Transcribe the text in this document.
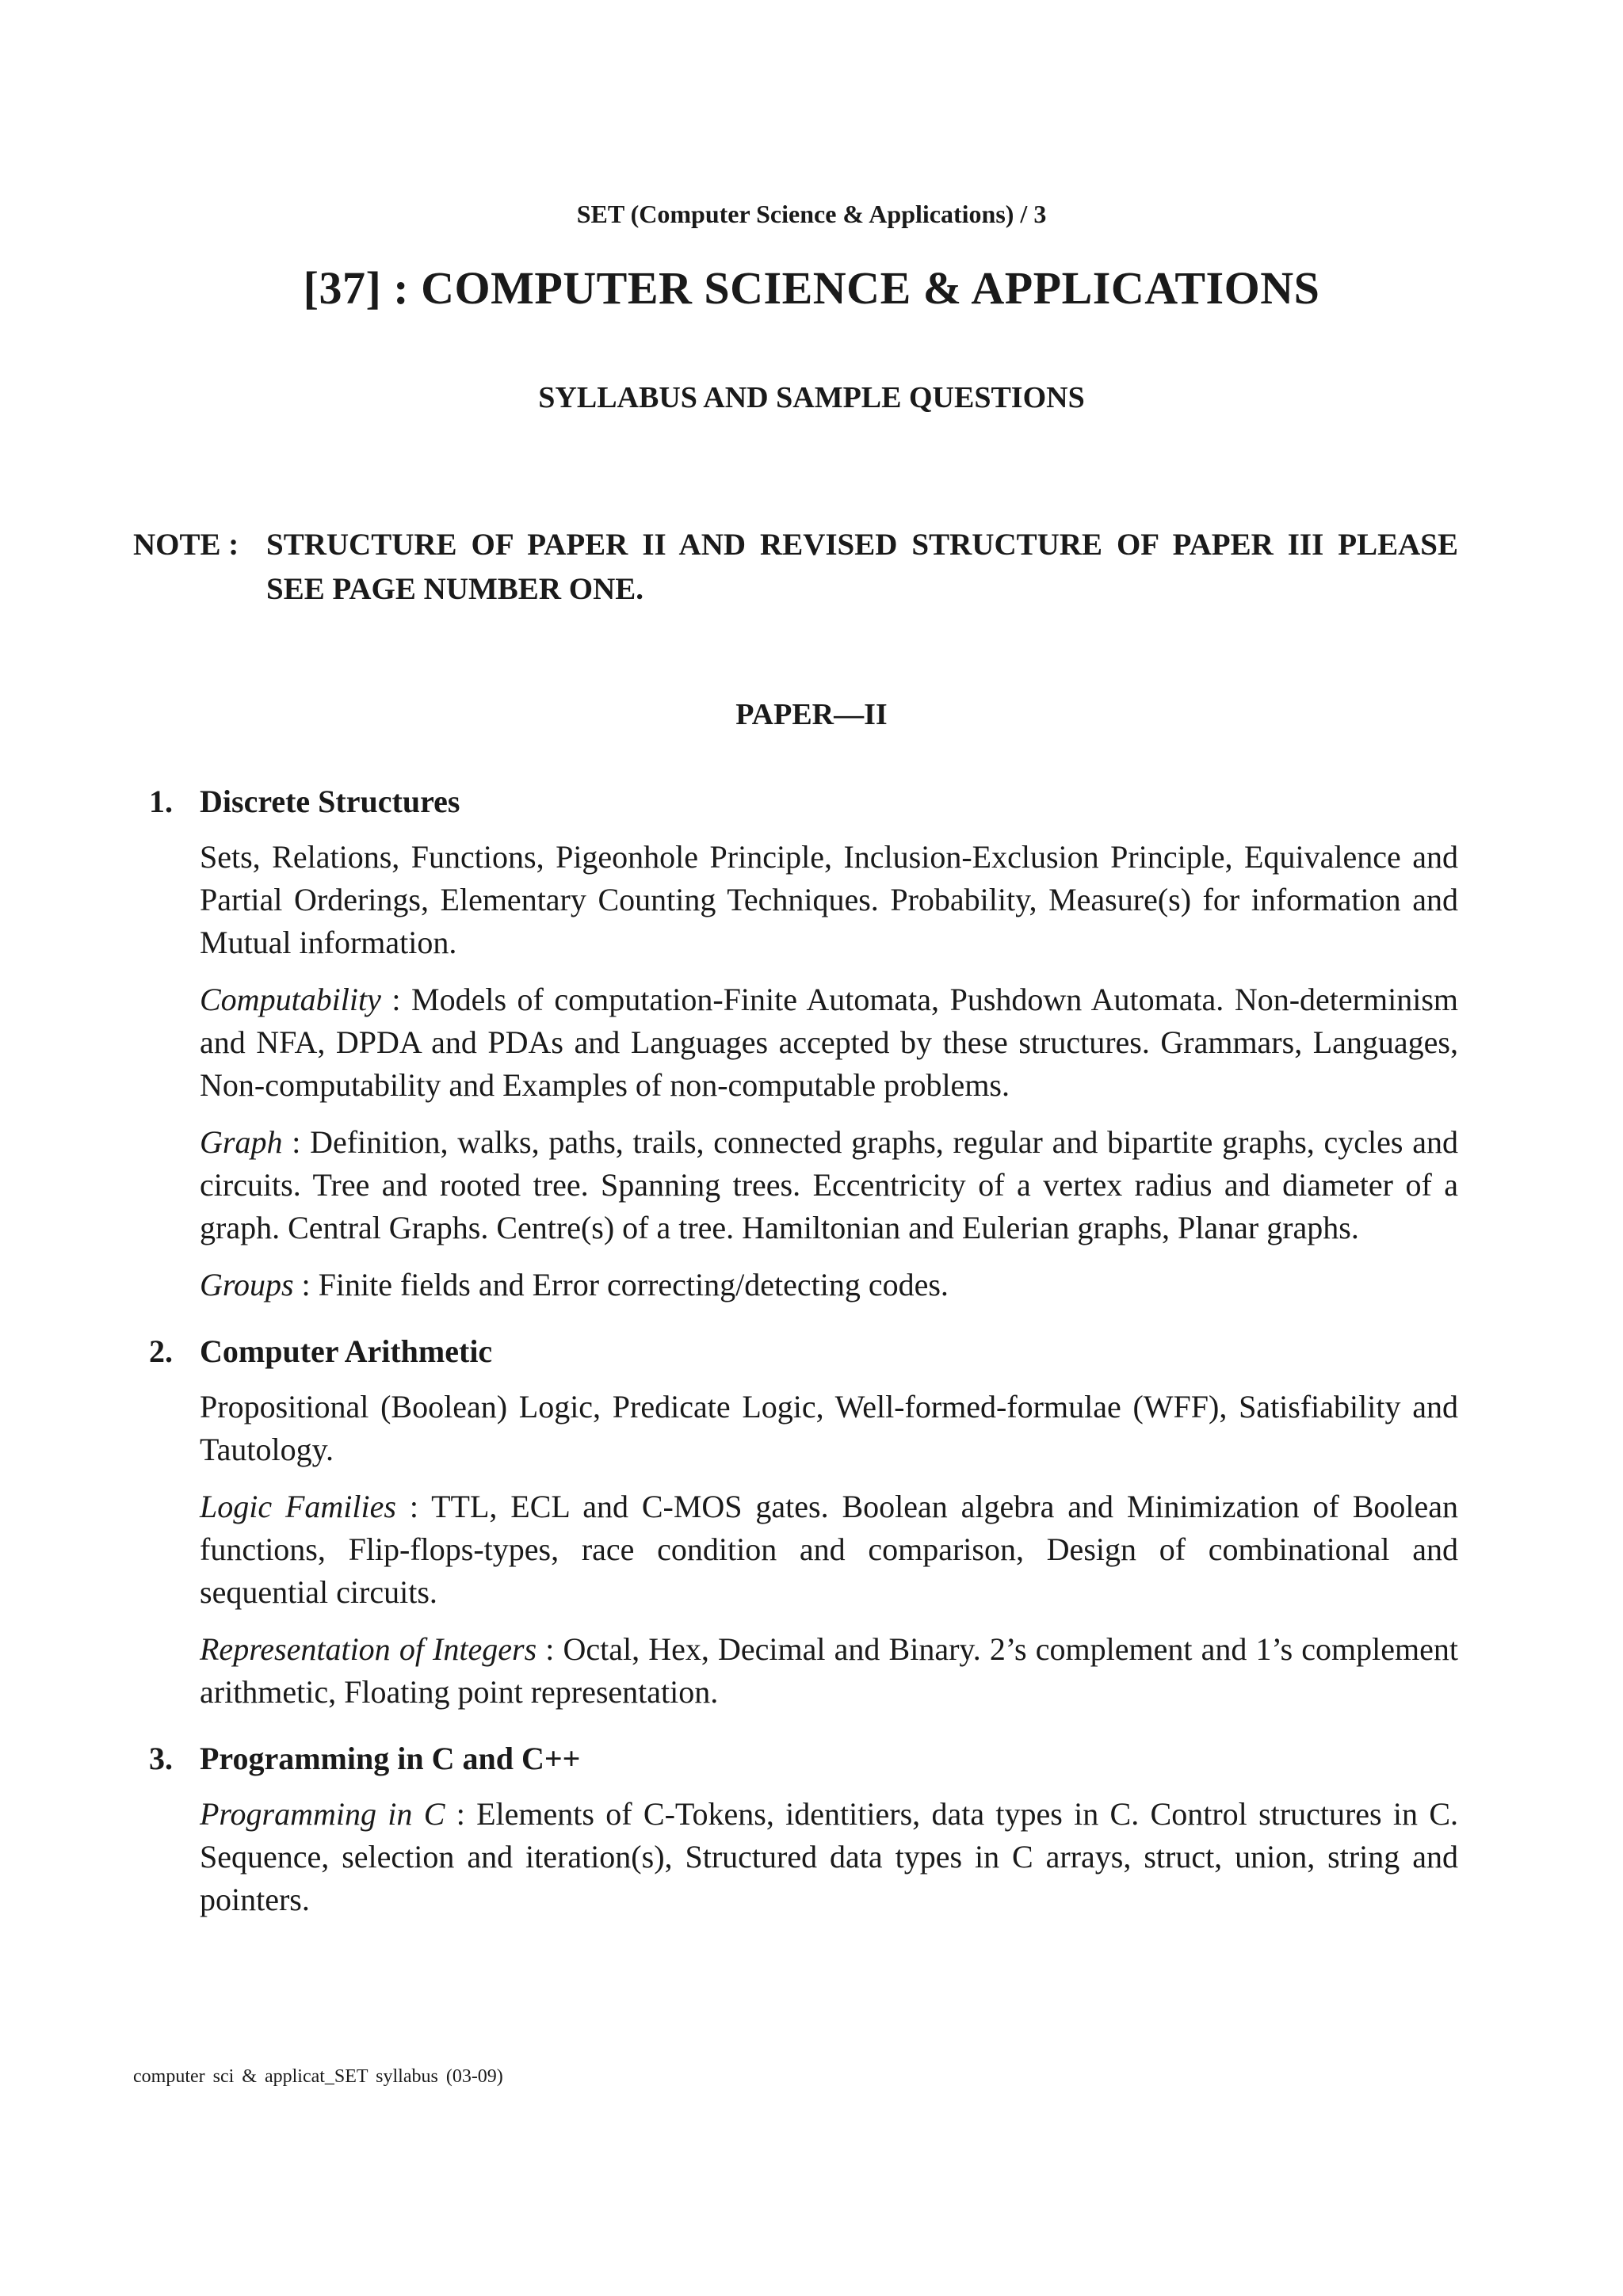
SET (Computer Science & Applications) / 3
[37] : COMPUTER SCIENCE & APPLICATIONS
SYLLABUS AND SAMPLE QUESTIONS
NOTE : STRUCTURE OF PAPER II AND REVISED STRUCTURE OF PAPER III PLEASE SEE PAGE NUMBER ONE.
PAPER—II
1. Discrete Structures
Sets, Relations, Functions, Pigeonhole Principle, Inclusion-Exclusion Principle, Equivalence and Partial Orderings, Elementary Counting Techniques. Probability, Measure(s) for information and Mutual information.
Computability : Models of computation-Finite Automata, Pushdown Automata. Non-determinism and NFA, DPDA and PDAs and Languages accepted by these structures. Grammars, Languages, Non-computability and Examples of non-computable problems.
Graph : Definition, walks, paths, trails, connected graphs, regular and bipartite graphs, cycles and circuits. Tree and rooted tree. Spanning trees. Eccentricity of a vertex radius and diameter of a graph. Central Graphs. Centre(s) of a tree. Hamiltonian and Eulerian graphs, Planar graphs.
Groups : Finite fields and Error correcting/detecting codes.
2. Computer Arithmetic
Propositional (Boolean) Logic, Predicate Logic, Well-formed-formulae (WFF), Satisfiability and Tautology.
Logic Families : TTL, ECL and C-MOS gates. Boolean algebra and Minimization of Boolean functions, Flip-flops-types, race condition and comparison, Design of combinational and sequential circuits.
Representation of Integers : Octal, Hex, Decimal and Binary. 2’s complement and 1’s complement arithmetic, Floating point representation.
3. Programming in C and C++
Programming in C : Elements of C-Tokens, identitiers, data types in C. Control structures in C. Sequence, selection and iteration(s), Structured data types in C arrays, struct, union, string and pointers.
computer sci & applicat_SET syllabus (03-09)
